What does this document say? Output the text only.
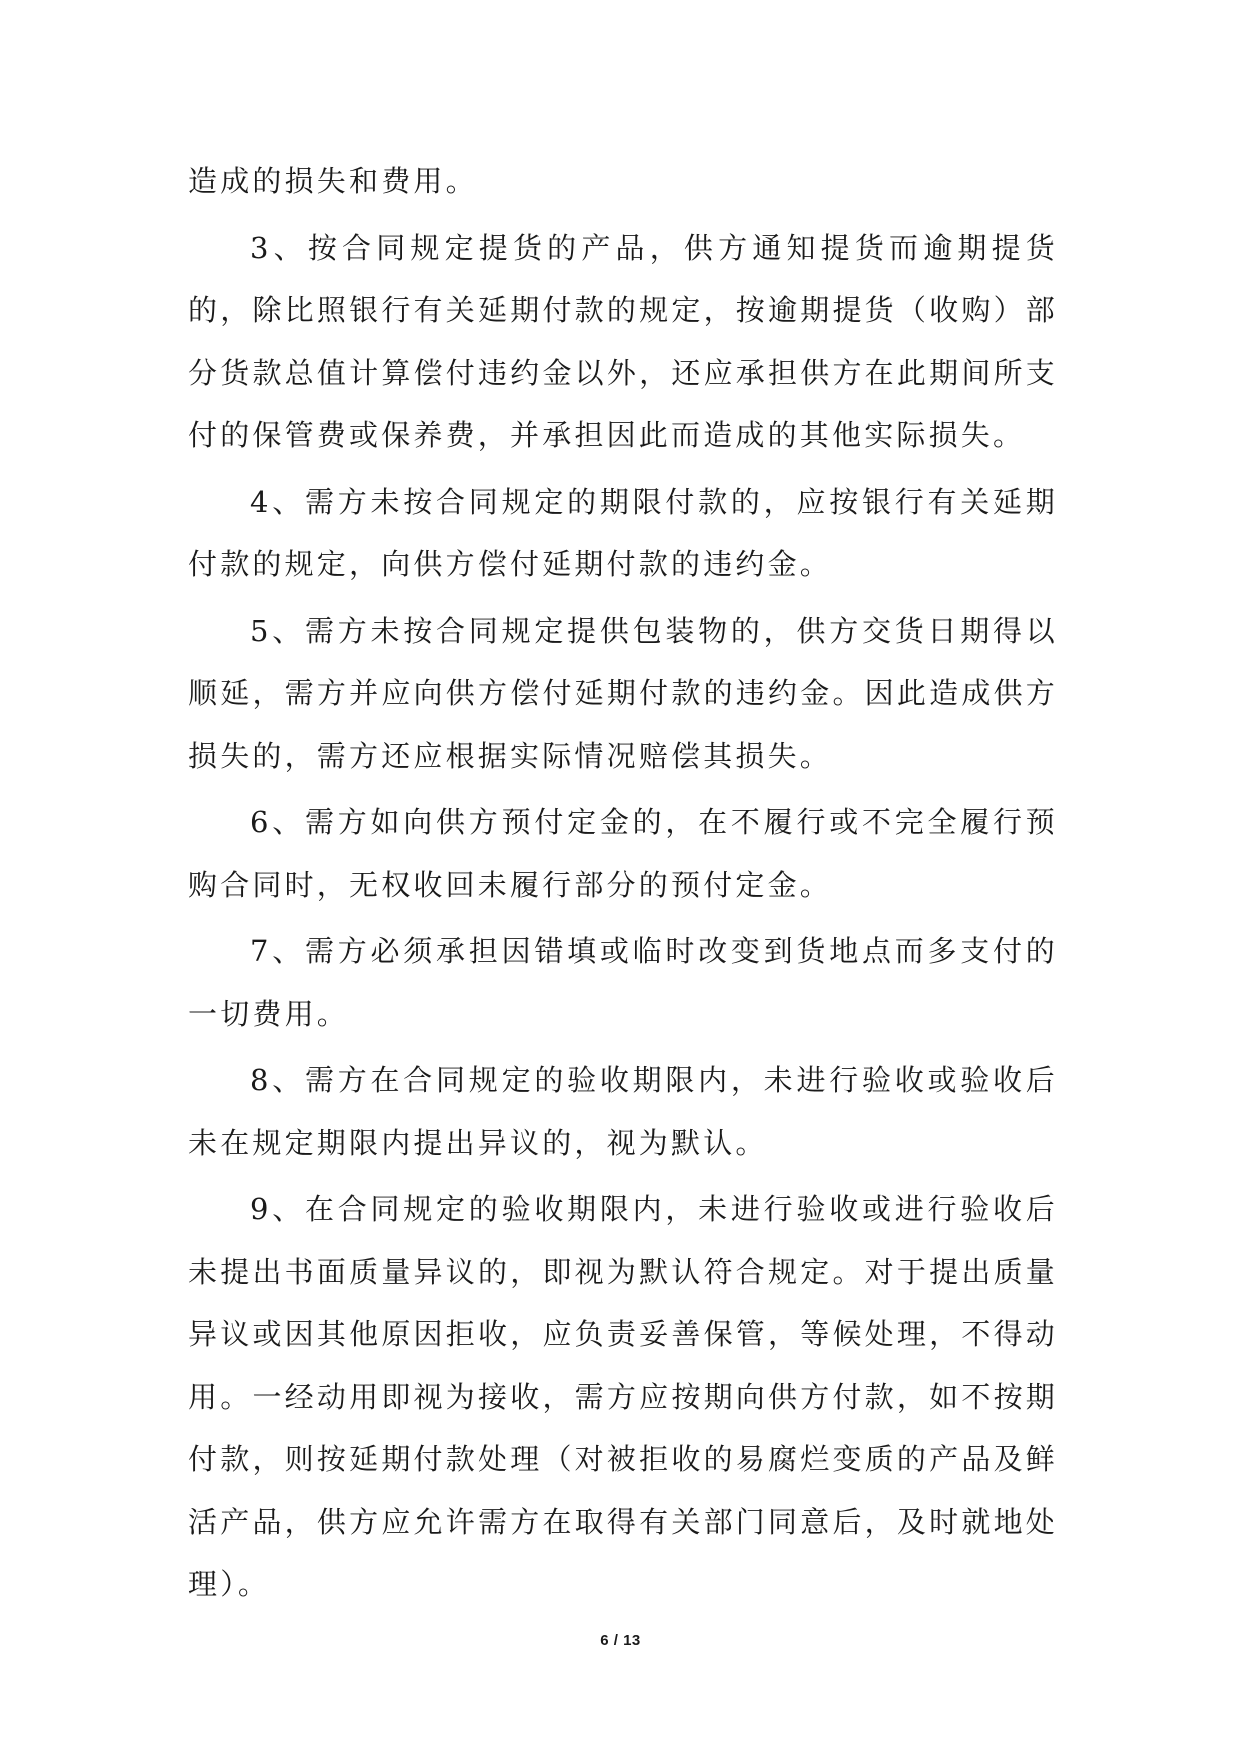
造成的损失和费用。

3、按合同规定提货的产品，供方通知提货而逾期提货的，除比照银行有关延期付款的规定，按逾期提货（收购）部分货款总值计算偿付违约金以外，还应承担供方在此期间所支付的保管费或保养费，并承担因此而造成的其他实际损失。

4、需方未按合同规定的期限付款的，应按银行有关延期付款的规定，向供方偿付延期付款的违约金。

5、需方未按合同规定提供包装物的，供方交货日期得以顺延，需方并应向供方偿付延期付款的违约金。因此造成供方损失的，需方还应根据实际情况赔偿其损失。

6、需方如向供方预付定金的，在不履行或不完全履行预购合同时，无权收回未履行部分的预付定金。

7、需方必须承担因错填或临时改变到货地点而多支付的一切费用。

8、需方在合同规定的验收期限内，未进行验收或验收后未在规定期限内提出异议的，视为默认。

9、在合同规定的验收期限内，未进行验收或进行验收后未提出书面质量异议的，即视为默认符合规定。对于提出质量异议或因其他原因拒收，应负责妥善保管，等候处理，不得动用。一经动用即视为接收，需方应按期向供方付款，如不按期付款，则按延期付款处理（对被拒收的易腐烂变质的产品及鲜活产品，供方应允许需方在取得有关部门同意后，及时就地处理）。

6 / 13
